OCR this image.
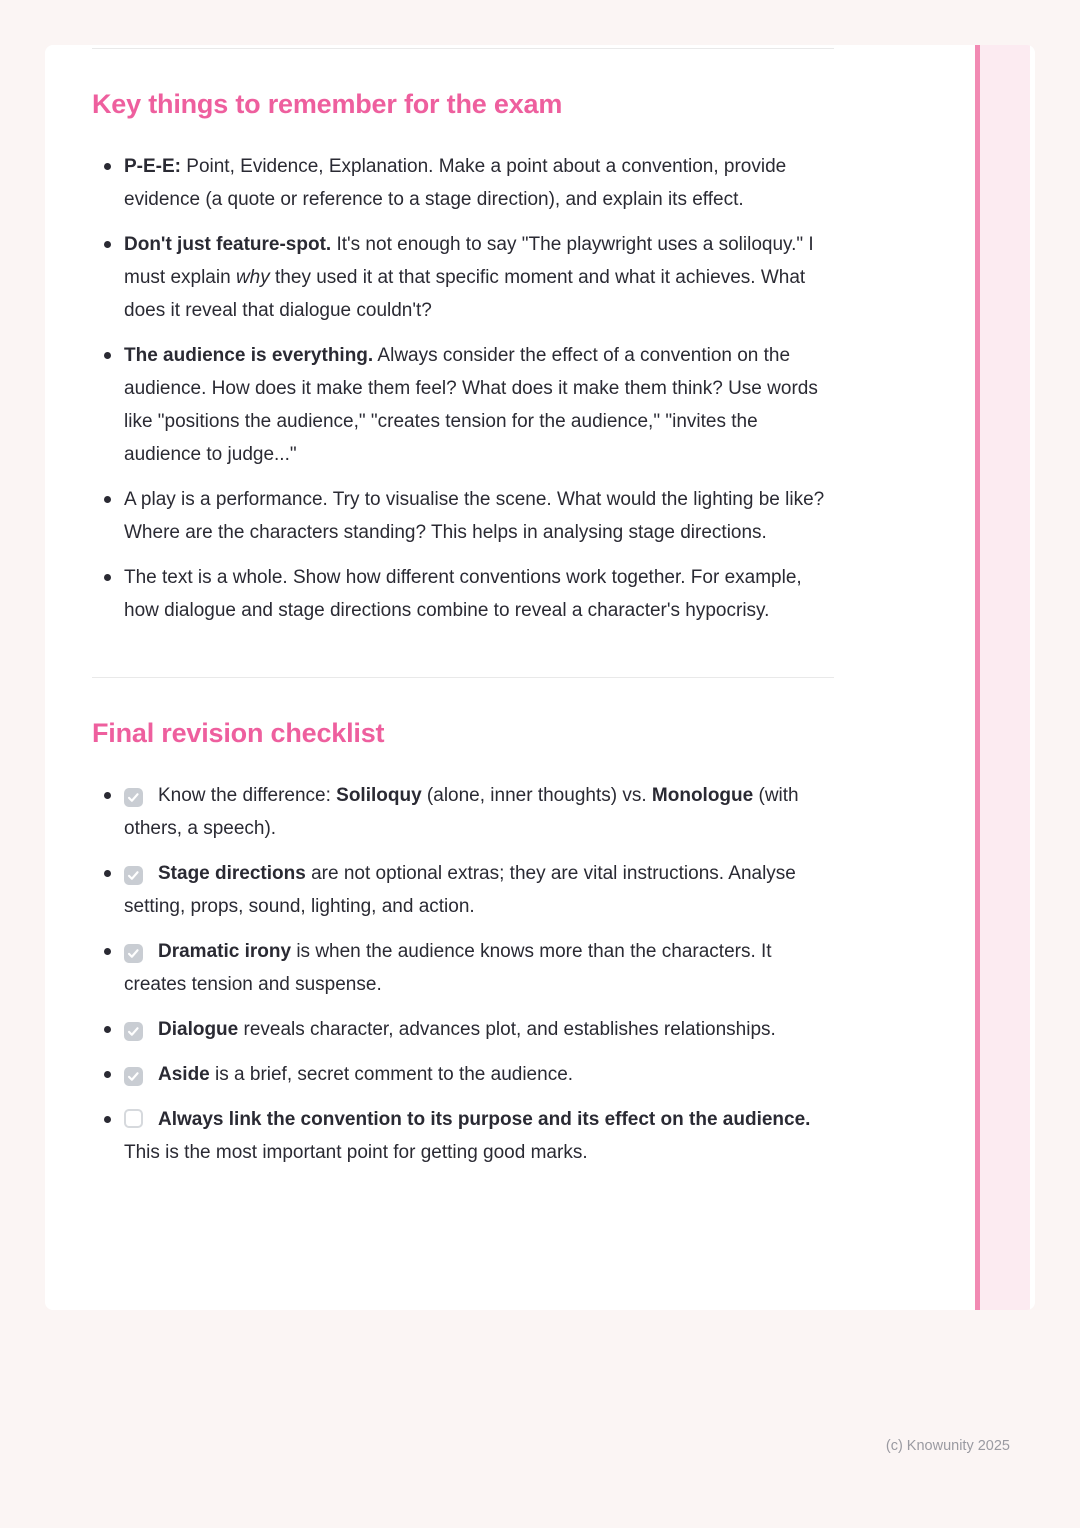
Key things to remember for the exam
P-E-E: Point, Evidence, Explanation. Make a point about a convention, provide evidence (a quote or reference to a stage direction), and explain its effect.
Don't just feature-spot. It's not enough to say "The playwright uses a soliloquy." I must explain why they used it at that specific moment and what it achieves. What does it reveal that dialogue couldn't?
The audience is everything. Always consider the effect of a convention on the audience. How does it make them feel? What does it make them think? Use words like "positions the audience," "creates tension for the audience," "invites the audience to judge..."
A play is a performance. Try to visualise the scene. What would the lighting be like? Where are the characters standing? This helps in analysing stage directions.
The text is a whole. Show how different conventions work together. For example, how dialogue and stage directions combine to reveal a character's hypocrisy.
Final revision checklist
Know the difference: Soliloquy (alone, inner thoughts) vs. Monologue (with others, a speech).
Stage directions are not optional extras; they are vital instructions. Analyse setting, props, sound, lighting, and action.
Dramatic irony is when the audience knows more than the characters. It creates tension and suspense.
Dialogue reveals character, advances plot, and establishes relationships.
Aside is a brief, secret comment to the audience.
Always link the convention to its purpose and its effect on the audience. This is the most important point for getting good marks.
(c) Knowunity 2025
